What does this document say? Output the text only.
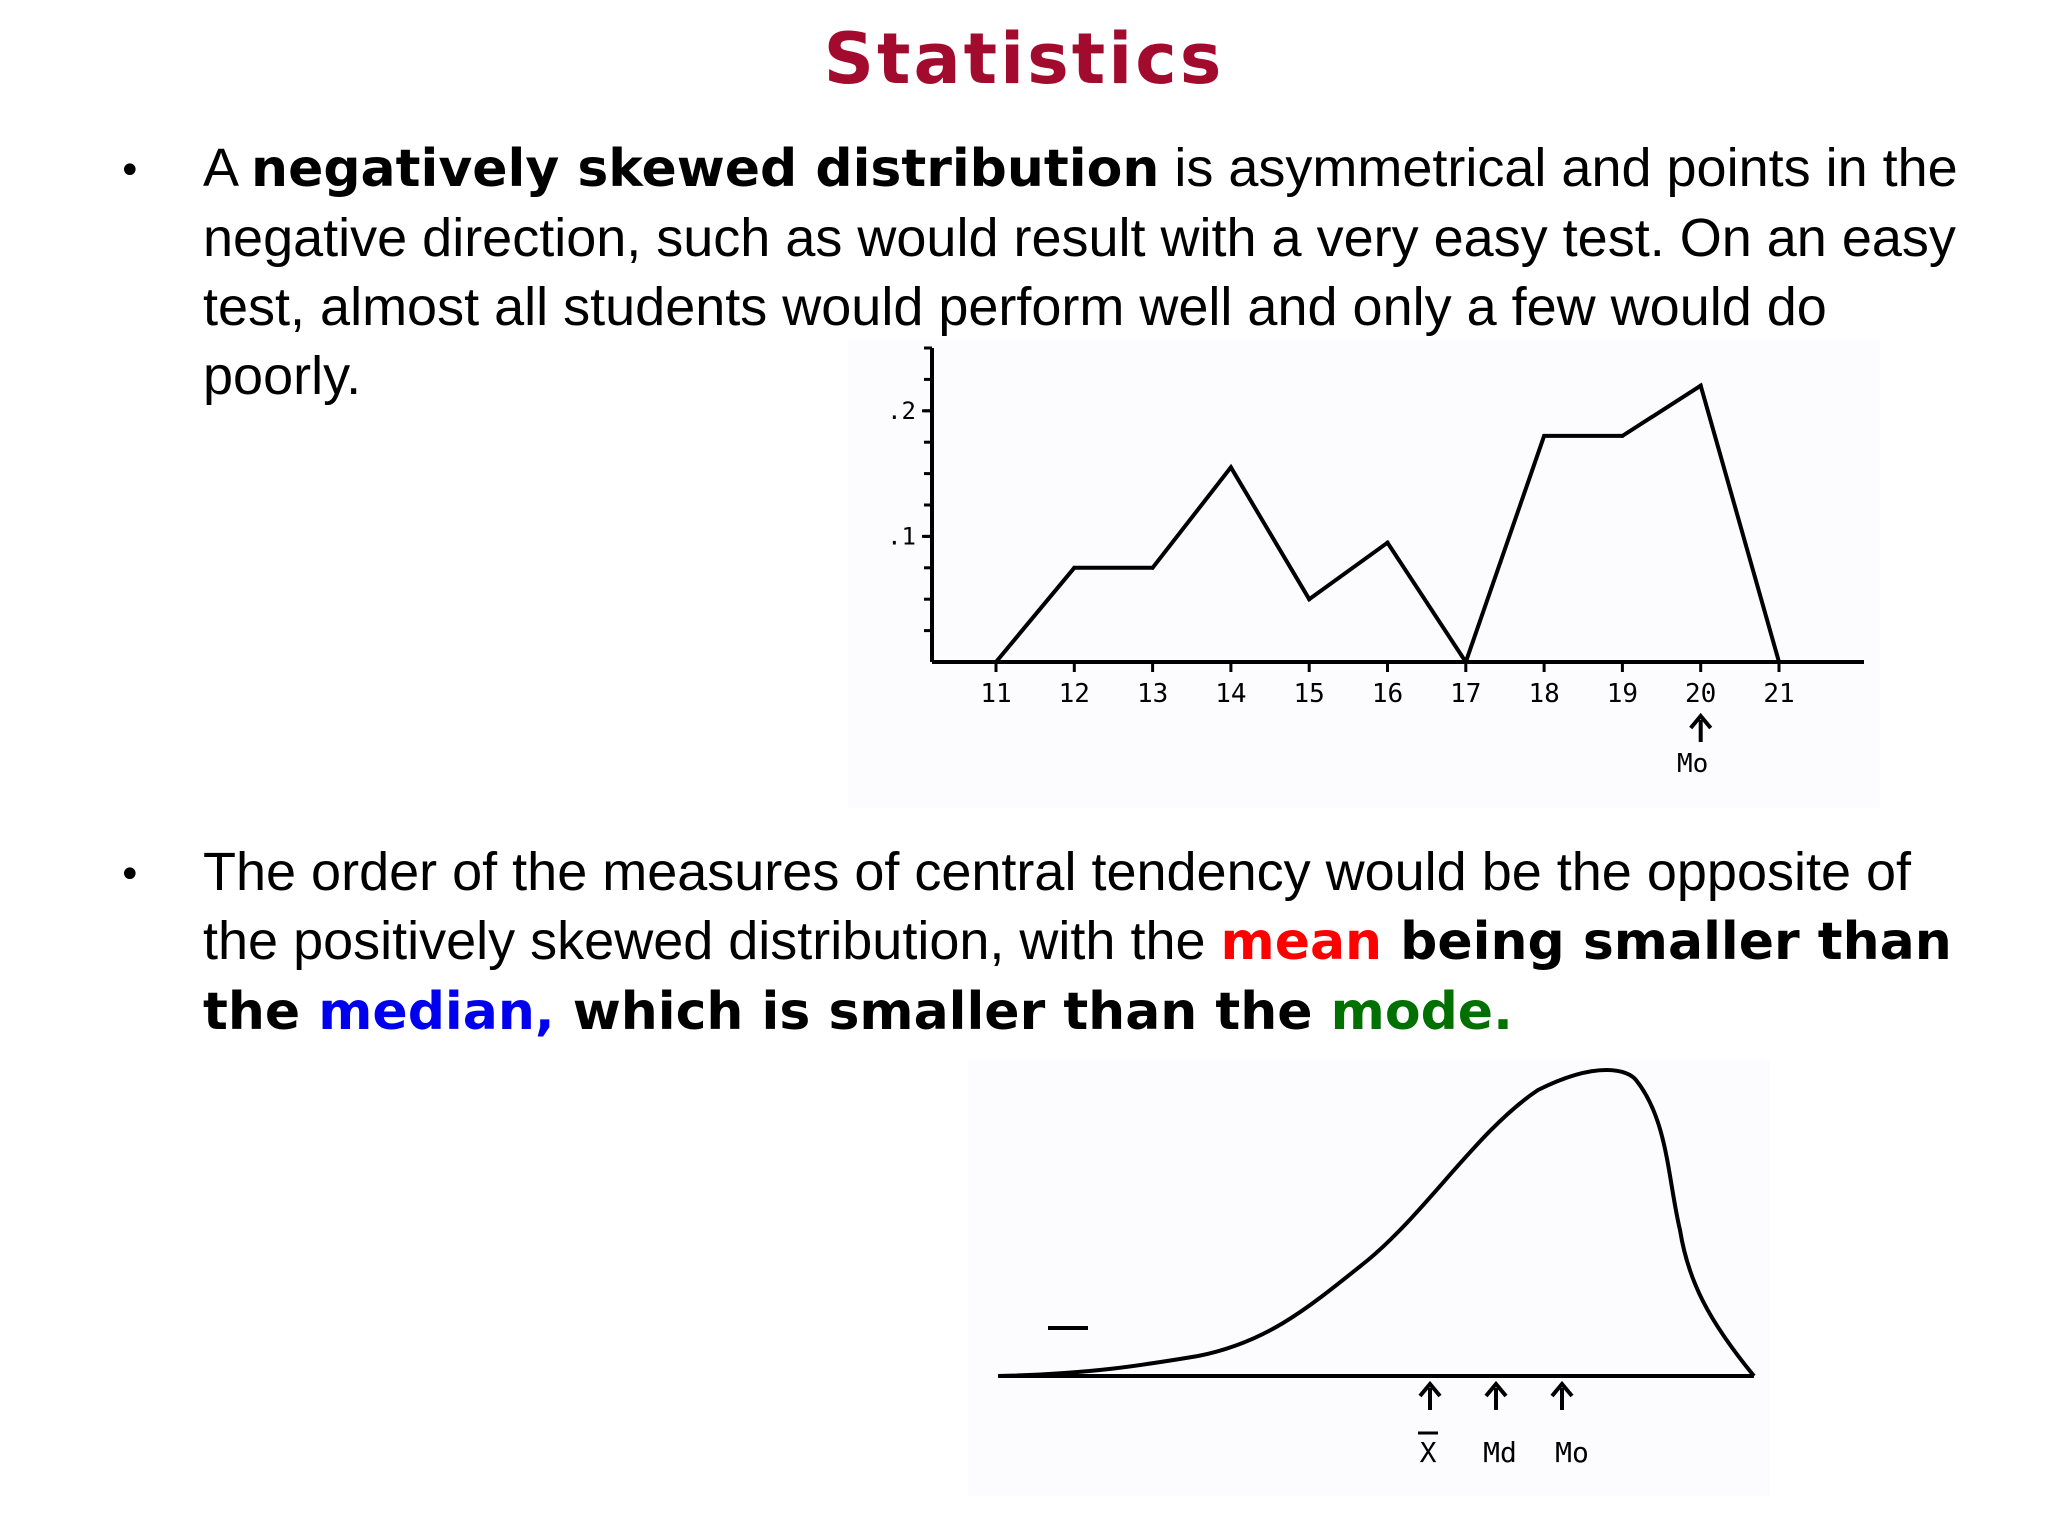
Statistics
• A negatively skewed distribution is asymmetrical and points in the negative direction, such as would result with a very easy test. On an easy test, almost all students would perform well and only a few would do poorly.
.1
.2
11 12 13 14 15 16 17 18 19 20 21
Mo
• The order of the measures of central tendency would be the opposite of the positively skewed distribution, with the mean being smaller than the median, which is smaller than the mode.
X Md Mo
